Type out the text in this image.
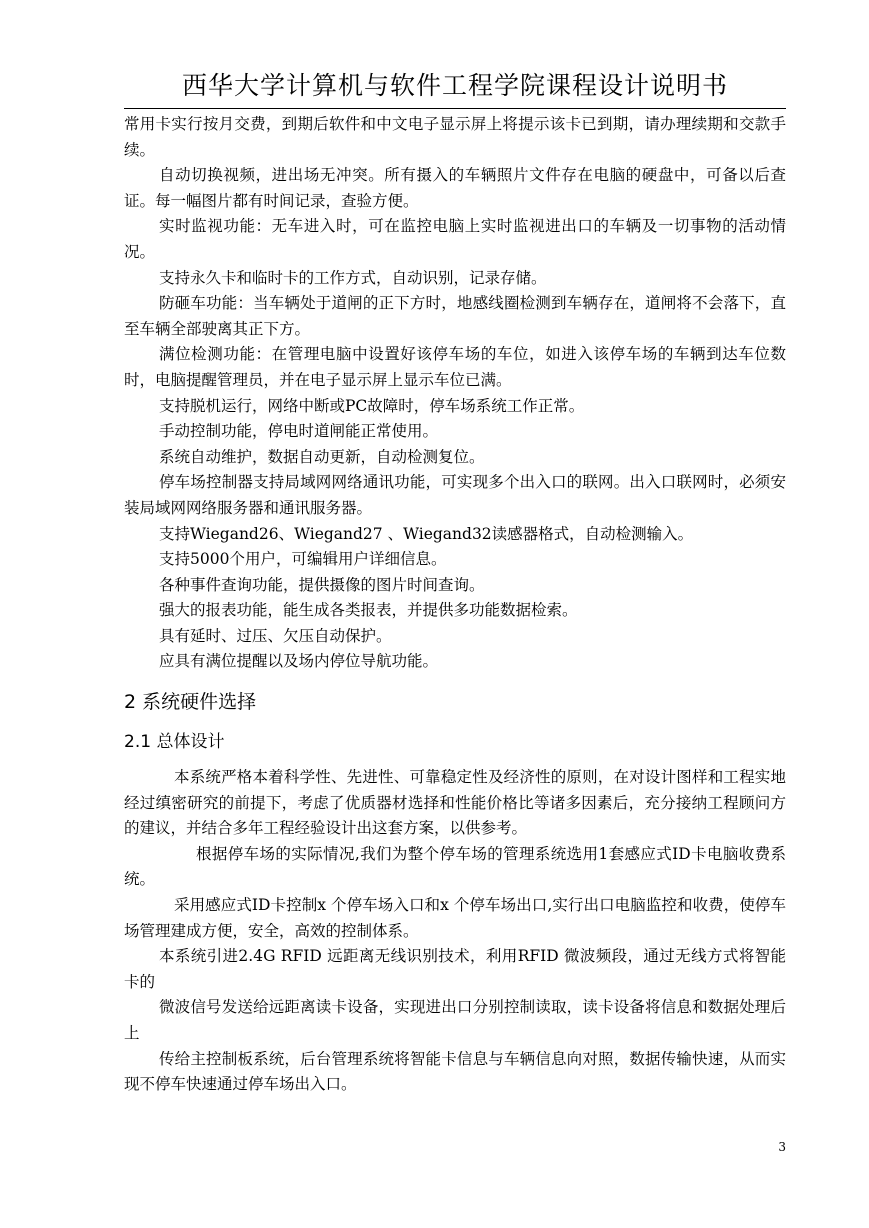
西华大学计算机与软件工程学院课程设计说明书

常用卡实行按月交费，到期后软件和中文电子显示屏上将提示该卡已到期，请办理续期和交款手续。

自动切换视频，进出场无冲突。所有摄入的车辆照片文件存在电脑的硬盘中，可备以后查证。每一幅图片都有时间记录，查验方便。

实时监视功能：无车进入时，可在监控电脑上实时监视进出口的车辆及一切事物的活动情况。

支持永久卡和临时卡的工作方式，自动识别，记录存储。

防砸车功能：当车辆处于道闸的正下方时，地感线圈检测到车辆存在，道闸将不会落下，直至车辆全部驶离其正下方。

满位检测功能：在管理电脑中设置好该停车场的车位，如进入该停车场的车辆到达车位数时，电脑提醒管理员，并在电子显示屏上显示车位已满。

支持脱机运行，网络中断或PC故障时，停车场系统工作正常。

手动控制功能，停电时道闸能正常使用。

系统自动维护，数据自动更新，自动检测复位。

停车场控制器支持局域网网络通讯功能，可实现多个出入口的联网。出入口联网时，必须安装局域网网络服务器和通讯服务器。

支持Wiegand26、Wiegand27 、Wiegand32读感器格式，自动检测输入。

支持5000个用户，可编辑用户详细信息。

各种事件查询功能，提供摄像的图片时间查询。

强大的报表功能，能生成各类报表，并提供多功能数据检索。

具有延时、过压、欠压自动保护。

应具有满位提醒以及场内停位导航功能。

2 系统硬件选择
2.1 总体设计

本系统严格本着科学性、先进性、可靠稳定性及经济性的原则，在对设计图样和工程实地经过缜密研究的前提下，考虑了优质器材选择和性能价格比等诸多因素后，充分接纳工程顾问方的建议，并结合多年工程经验设计出这套方案，以供参考。

根据停车场的实际情况,我们为整个停车场的管理系统选用1套感应式ID卡电脑收费系统。

采用感应式ID卡控制x 个停车场入口和x 个停车场出口,实行出口电脑监控和收费，使停车场管理建成方便，安全，高效的控制体系。

本系统引进2.4G RFID 远距离无线识别技术，利用RFID 微波频段，通过无线方式将智能卡的

微波信号发送给远距离读卡设备，实现进出口分别控制读取，读卡设备将信息和数据处理后上

传给主控制板系统，后台管理系统将智能卡信息与车辆信息向对照，数据传输快速，从而实现不停车快速通过停车场出入口。

3
